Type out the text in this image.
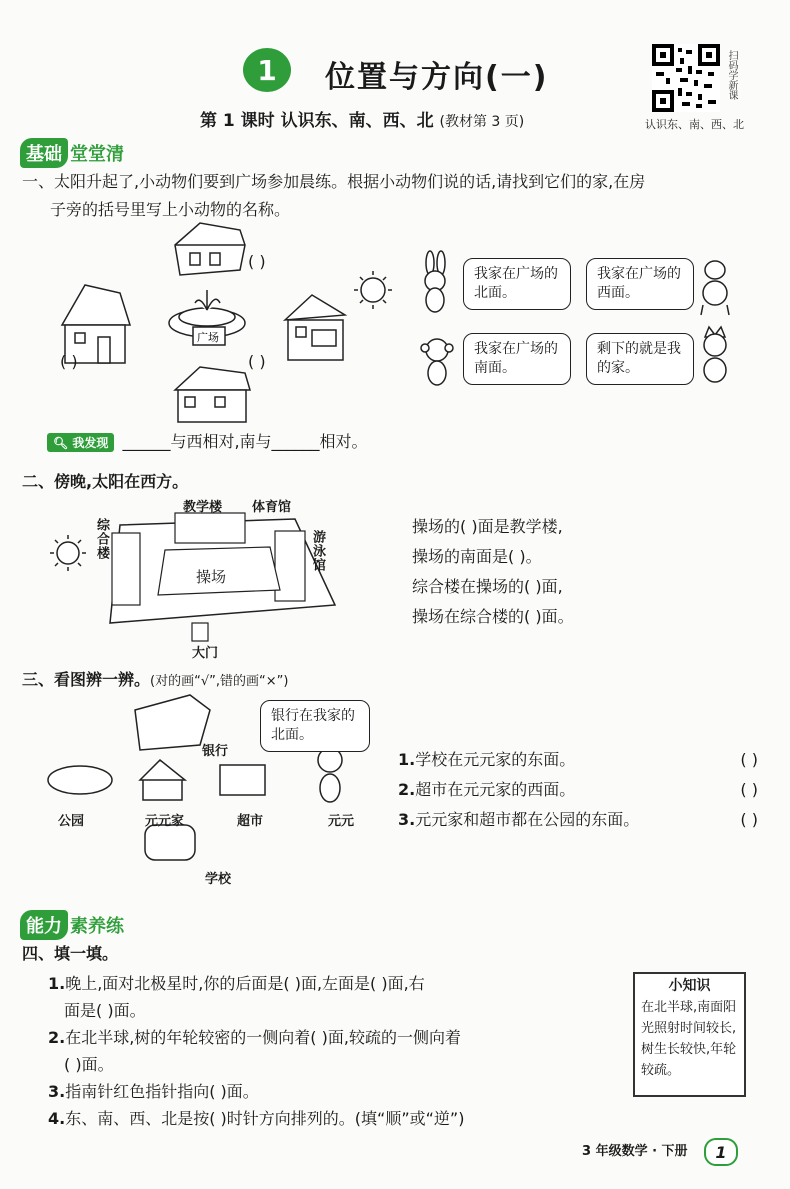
1	位置与方向(一)
第 1 课时 认识东、南、西、北 (教材第 3 页)
扫码学新课
认识东、南、西、北
基础 堂堂清
一、太阳升起了,小动物们要到广场参加晨练。根据小动物们说的话,请找到它们的家,在房
子旁的括号里写上小动物的名称。
广场
( )
( )	( )
我家在广场的北面。
我家在广场的西面。
我家在广场的南面。
剩下的就是我的家。
🔍︎ 我发现 ______与西相对,南与______相对。
二、傍晚,太阳在西方。
教学楼 体育馆
综合楼	游泳馆
操场
大门
操场的( )面是教学楼,
操场的南面是( )。
综合楼在操场的( )面,
操场在综合楼的( )面。
三、看图辨一辨。(对的画“√”,错的画“×”)
银行在我家的北面。
银行
公园	元元家	超市	元元
学校
1.学校在元元家的东面。	( )
2.超市在元元家的西面。	( )
3.元元家和超市都在公园的东面。	( )
能力 素养练
四、填一填。
1.晚上,面对北极星时,你的后面是( )面,左面是( )面,右
面是( )面。
2.在北半球,树的年轮较密的一侧向着( )面,较疏的一侧向着
( )面。
3.指南针红色指针指向( )面。
4.东、南、西、北是按( )时针方向排列的。(填“顺”或“逆”)
小知识
在北半球,南面阳光照射时间较长,树生长较快,年轮较疏。
3 年级数学 · 下册	1
